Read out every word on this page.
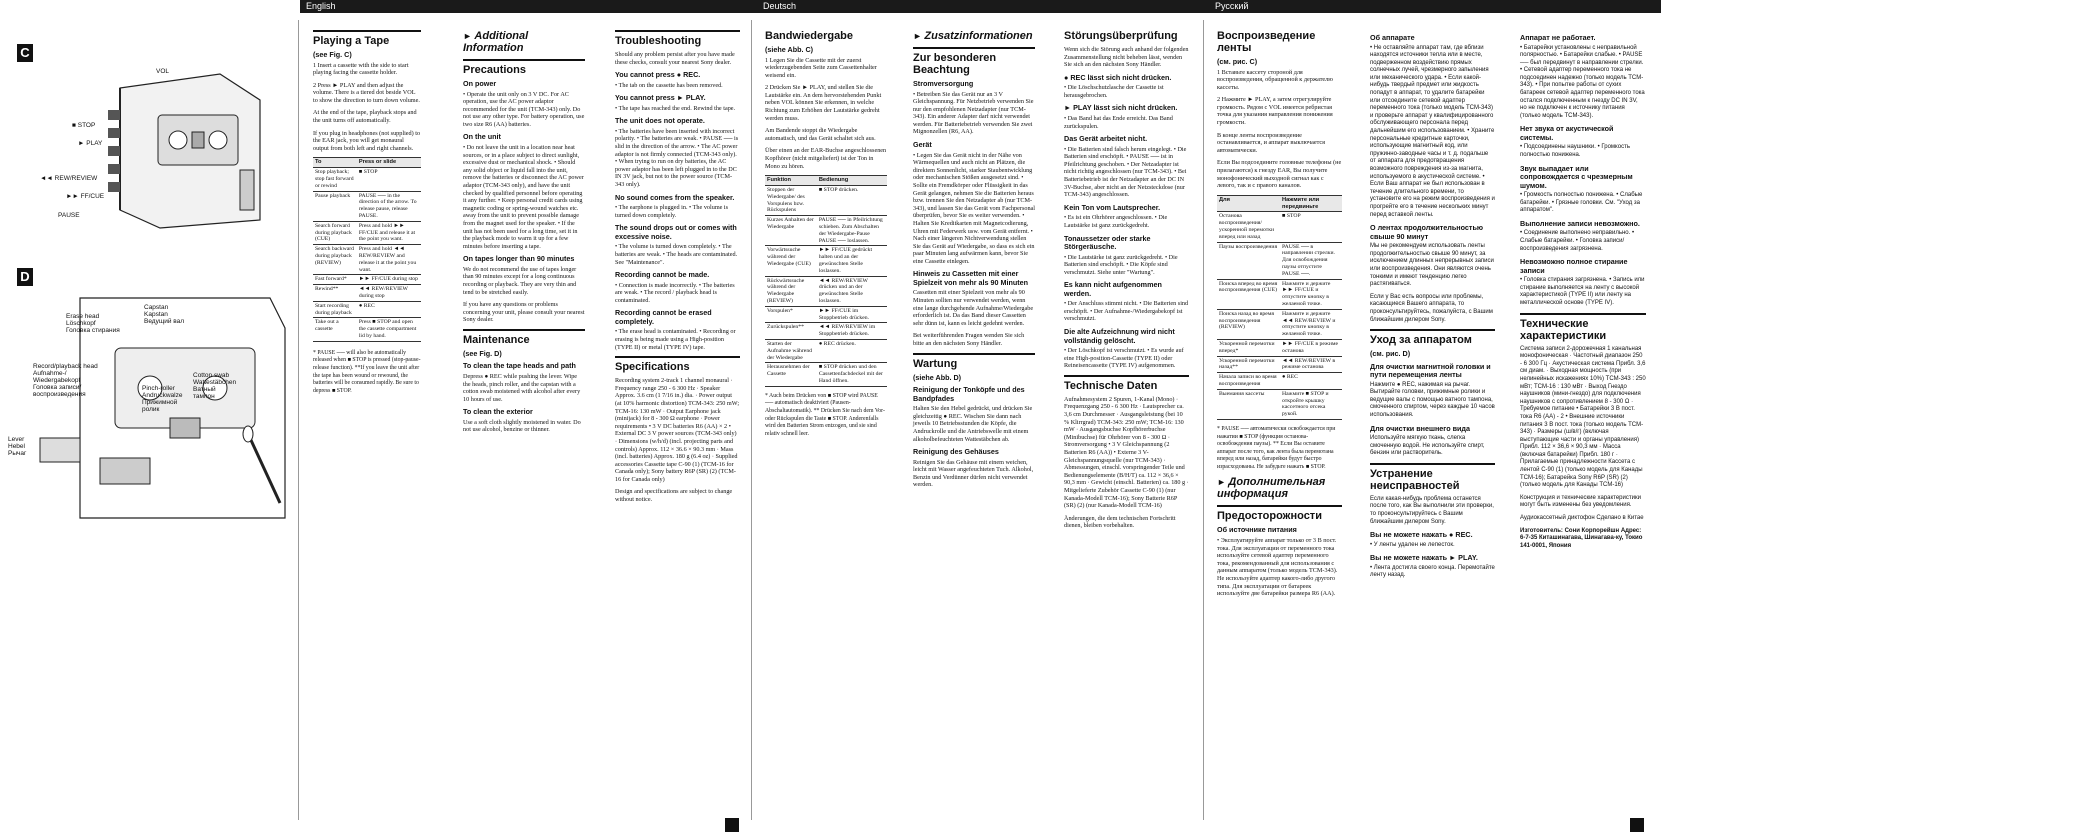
English	Deutsch	Русский
C
VOL
■ STOP
► PLAY
◄◄ REW/REVIEW
►► FF/CUE
PAUSE
D
Erase head
Löschkopf
Головка стирания
Capstan
Kapstan
Ведущий вал
Record/playback head
Aufnahme-/
Wiedergabekopf
Головка записи/
воспроизведения
Pinch-roller
Andruckwalze
Прижимной
ролик
Cotton swab
Wattestäbchen
Ватный
тампон
Lever
Hebel
Рычаг
Playing a Tape
(see Fig. C)

1 Insert a cassette with the side to start playing facing the cassette holder.

2 Press ► PLAY and then adjust the volume. There is a tiered dot beside VOL to show the direction to turn down volume.

At the end of the tape, playback stops and the unit turns off automatically.

If you plug in headphones (not supplied) to the EAR jack, you will get monaural output from both left and right channels.

To	Press or slide
Stop playback; stop fast forward or rewind	■ STOP
Pause playback	PAUSE ── in the direction of the arrow. To release pause, release PAUSE.
Search forward during playback (CUE)	Press and hold ►► FF/CUE and release it at the point you want.
Search backward during playback (REVIEW)	Press and hold ◄◄ REW/REVIEW and release it at the point you want.
Fast forward*	►► FF/CUE during stop
Rewind**	◄◄ REW/REVIEW during stop
Start recording during playback	● REC
Take out a cassette	Press ■ STOP and open the cassette compartment lid by hand.

* PAUSE ── will also be automatically released when ■ STOP is pressed (stop-pause-release function). **If you leave the unit after the tape has been wound or rewound, the batteries will be consumed rapidly. Be sure to depress ■ STOP.

► Additional Information
Precautions
On power

• Operate the unit only on 3 V DC. For AC operation, use the AC power adaptor recommended for the unit (TCM-343) only. Do not use any other type. For battery operation, use two size R6 (AA) batteries.

On the unit

• Do not leave the unit in a location near heat sources, or in a place subject to direct sunlight, excessive dust or mechanical shock. • Should any solid object or liquid fall into the unit, remove the batteries or disconnect the AC power adaptor (TCM-343 only), and have the unit checked by qualified personnel before operating it any further. • Keep personal credit cards using magnetic coding or spring-wound watches etc. away from the unit to prevent possible damage from the magnet used for the speaker. • If the unit has not been used for a long time, set it in the playback mode to warm it up for a few minutes before inserting a tape.

On tapes longer than 90 minutes

We do not recommend the use of tapes longer than 90 minutes except for a long continuous recording or playback. They are very thin and tend to be stretched easily.

If you have any questions or problems concerning your unit, please consult your nearest Sony dealer.

Maintenance
(see Fig. D)
To clean the tape heads and path

Depress ● REC while pushing the lever. Wipe the heads, pinch roller, and the capstan with a cotton swab moistened with alcohol after every 10 hours of use.

To clean the exterior

Use a soft cloth slightly moistened in water. Do not use alcohol, benzine or thinner.

Troubleshooting

Should any problem persist after you have made these checks, consult your nearest Sony dealer.

You cannot press ● REC.

• The tab on the cassette has been removed.

You cannot press ► PLAY.

• The tape has reached the end. Rewind the tape.

The unit does not operate.

• The batteries have been inserted with incorrect polarity. • The batteries are weak. • PAUSE ── is slid in the direction of the arrow. • The AC power adaptor is not firmly connected (TCM-343 only). • When trying to run on dry batteries, the AC power adaptor has been left plugged in to the DC IN 3V jack, but not to the power source (TCM-343 only).

No sound comes from the speaker.

• The earphone is plugged in. • The volume is turned down completely.

The sound drops out or comes with excessive noise.

• The volume is turned down completely. • The batteries are weak. • The heads are contaminated. See "Maintenance".

Recording cannot be made.

• Connection is made incorrectly. • The batteries are weak. • The record / playback head is contaminated.

Recording cannot be erased completely.

• The erase head is contaminated. • Recording or erasing is being made using a High-position (TYPE II) or metal (TYPE IV) tape.

Specifications

Recording system 2-track 1 channel monaural · Frequency range 250 - 6 300 Hz · Speaker Approx. 3.6 cm (1 7/16 in.) dia. · Power output (at 10% harmonic distortion) TCM-343: 250 mW; TCM-16: 130 mW · Output Earphone jack (minijack) for 8 - 300 Ω earphone · Power requirements • 3 V DC batteries R6 (AA) × 2 • External DC 3 V power sources (TCM-343 only) · Dimensions (w/h/d) (incl. projecting parts and controls) Approx. 112 × 36.6 × 90.3 mm · Mass (incl. batteries) Approx. 180 g (6.4 oz) · Supplied accessories Cassette tape C-90 (1) (TCM-16 for Canada only); Sony battery R6P (SR) (2) (TCM-16 for Canada only)

Design and specifications are subject to change without notice.

Bandwiedergabe
(siehe Abb. C)

1 Legen Sie die Cassette mit der zuerst wiederzugebenden Seite zum Cassettenhalter weisend ein.

2 Drücken Sie ► PLAY, und stellen Sie die Lautstärke ein. An dem hervorstehenden Punkt neben VOL können Sie erkennen, in welche Richtung zum Erhöhen der Lautstärke gedreht werden muss.

Am Bandende stoppt die Wiedergabe automatisch, und das Gerät schaltet sich aus.

Über einen an der EAR-Buchse angeschlossenen Kopfhörer (nicht mitgeliefert) ist der Ton in Mono zu hören.

Funktion	Bedienung
Stoppen der Wiedergabe/ des Vorspulens bzw. Rückspulens	■ STOP drücken.
Kurzes Anhalten der Wiedergabe	PAUSE ── in Pfeilrichtung schieben. Zum Abschalten der Wiedergabe-Pause PAUSE ── loslassen.
Vorwärtssuche während der Wiedergabe (CUE)	►► FF/CUE gedrückt halten und an der gewünschten Stelle loslassen.
Rückwärtssuche während der Wiedergabe (REVIEW)	◄◄ REW/REVIEW drücken und an der gewünschten Stelle loslassen.
Vorspulen*	►► FF/CUE im Stoppbetrieb drücken.
Zurückspulen**	◄◄ REW/REVIEW im Stoppbetrieb drücken.
Starten der Aufnahme während der Wiedergabe	● REC drücken.
Herausnehmen der Cassette	■ STOP drücken und den Cassettenfachdeckel mit der Hand öffnen.

* Auch beim Drücken von ■ STOP wird PAUSE ── automatisch deaktiviert (Pausen-Abschaltautomatik). ** Drücken Sie nach dem Vor- oder Rückspulen die Taste ■ STOP. Anderenfalls wird den Batterien Strom entzogen, und sie sind relativ schnell leer.

► Zusatzinformationen
Zur besonderen Beachtung
Stromversorgung

• Betreiben Sie das Gerät nur an 3 V Gleichspannung. Für Netzbetrieb verwenden Sie nur den empfohlenen Netzadapter (nur TCM-343). Ein anderer Adapter darf nicht verwendet werden. Für Batteriebetrieb verwenden Sie zwei Mignonzellen (R6, AA).

Gerät

• Legen Sie das Gerät nicht in der Nähe von Wärmequellen und auch nicht an Plätzen, die direktem Sonnenlicht, starker Staubentwicklung oder mechanischen Stößen ausgesetzt sind. • Sollte ein Fremdkörper oder Flüssigkeit in das Gerät gelangen, nehmen Sie die Batterien heraus bzw. trennen Sie den Netzadapter ab (nur TCM-343), und lassen Sie das Gerät vom Fachpersonal überprüfen, bevor Sie es weiter verwenden. • Halten Sie Kreditkarten mit Magnetcodierung, Uhren mit Federwerk usw. vom Gerät entfernt. • Nach einer längeren Nichtverwendung stellen Sie das Gerät auf Wiedergabe, so dass es sich ein paar Minuten lang aufwärmen kann, bevor Sie eine Cassette einlegen.

Hinweis zu Cassetten mit einer Spielzeit von mehr als 90 Minuten

Cassetten mit einer Spielzeit von mehr als 90 Minuten sollten nur verwendet werden, wenn eine lange durchgehende Aufnahme/Wiedergabe erforderlich ist. Da das Band dieser Cassetten sehr dünn ist, kann es leicht gedehnt werden.

Bei weiterführenden Fragen wenden Sie sich bitte an den nächsten Sony Händler.

Wartung
(siehe Abb. D)
Reinigung der Tonköpfe und des Bandpfades

Halten Sie den Hebel gedrückt, und drücken Sie gleichzeitig ● REC. Wischen Sie dann nach jeweils 10 Betriebsstunden die Köpfe, die Andruckrolle und die Antriebswelle mit einem alkoholbefeuchteten Wattestäbchen ab.

Reinigung des Gehäuses

Reinigen Sie das Gehäuse mit einem weichen, leicht mit Wasser angefeuchteten Tuch. Alkohol, Benzin und Verdünner dürfen nicht verwendet werden.

Störungsüberprüfung

Wenn sich die Störung auch anhand der folgenden Zusammenstellung nicht beheben lässt, wenden Sie sich an den nächsten Sony Händler.

● REC lässt sich nicht drücken.

• Die Löschschutzlasche der Cassette ist herausgebrochen.

► PLAY lässt sich nicht drücken.

• Das Band hat das Ende erreicht. Das Band zurückspulen.

Das Gerät arbeitet nicht.

• Die Batterien sind falsch herum eingelegt. • Die Batterien sind erschöpft. • PAUSE ── ist in Pfeilrichtung geschoben. • Der Netzadapter ist nicht richtig angeschlossen (nur TCM-343). • Bei Batteriebetrieb ist der Netzadapter an der DC IN 3V-Buchse, aber nicht an der Netzsteckdose (nur TCM-343) angeschlossen.

Kein Ton vom Lautsprecher.

• Es ist ein Ohrhörer angeschlossen. • Die Lautstärke ist ganz zurückgedreht.

Tonaussetzer oder starke Störgeräusche.

• Die Lautstärke ist ganz zurückgedreht. • Die Batterien sind erschöpft. • Die Köpfe sind verschmutzt. Siehe unter "Wartung".

Es kann nicht aufgenommen werden.

• Der Anschluss stimmt nicht. • Die Batterien sind erschöpft. • Der Aufnahme-/Wiedergabekopf ist verschmutzt.

Die alte Aufzeichnung wird nicht vollständig gelöscht.

• Der Löschkopf ist verschmutzt. • Es wurde auf eine High-position-Cassette (TYPE II) oder Reineisencassette (TYPE IV) aufgenommen.

Technische Daten

Aufnahmesystem 2 Spuren, 1-Kanal (Mono) · Frequenzgang 250 - 6 300 Hz · Lautsprecher ca. 3,6 cm Durchmesser · Ausgangsleistung (bei 10 % Klirrgrad) TCM-343: 250 mW; TCM-16: 130 mW · Ausgangsbuchse Kopfhörerbuchse (Minibuchse) für Ohrhörer von 8 - 300 Ω · Stromversorgung • 3 V Gleichspannung (2 Batterien R6 (AA)) • Externe 3 V-Gleichspannungsquelle (nur TCM-343) · Abmessungen, einschl. vorspringender Teile und Bedienungselemente (B/H/T) ca. 112 × 36,6 × 90,3 mm · Gewicht (einschl. Batterien) ca. 180 g · Mitgelieferte Zubehör Cassette C-90 (1) (nur Kanada-Modell TCM-16); Sony Batterie R6P (SR) (2) (nur Kanada-Modell TCM-16)

Änderungen, die dem technischen Fortschritt dienen, bleiben vorbehalten.

Воспроизведение ленты
(см. рис. C)

1 Вставьте кассету стороной для воспроизведения, обращенной к держателю кассеты.

2 Нажмите ► PLAY, а затем отрегулируйте громкость. Рядом с VOL имеется ребристая точка для указания направления понижения громкости.

В конце ленты воспроизведение останавливается, и аппарат выключается автоматически.

Если Вы подсоедините головные телефоны (не прилагаются) к гнезду EAR, Вы получите монофонический выходной сигнал как с левого, так и с правого каналов.

Для	Нажмите или передвиньте
Останова воспроизведения/ ускоренной перемотки вперед или назад	■ STOP
Паузы воспроизведения	PAUSE ── в направлении стрелки. Для освобождения паузы отпустите PAUSE ──.
Поиска вперед во время воспроизведения (CUE)	Нажмите и держите ►► FF/CUE и отпустите кнопку в желаемой точке.
Поиска назад во время воспроизведения (REVIEW)	Нажмите и держите ◄◄ REW/REVIEW и отпустите кнопку в желаемой точке.
Ускоренной перемотки вперед*	►► FF/CUE в режиме останова
Ускоренной перемотки назад**	◄◄ REW/REVIEW в режиме останова
Начала записи во время воспроизведения	● REC
Выемания кассеты	Нажмите ■ STOP и откройте крышку кассетного отсека рукой.

* PAUSE ── автоматически освобождается при нажатии ■ STOP (функция останова-освобождения паузы). ** Если Вы оставите аппарат после того, как лента была перемотана вперед или назад, батарейки будут быстро израсходованы. Не забудьте нажать ■ STOP.

► Дополнительная информация
Предосторожности
Об источнике питания

• Эксплуатируйте аппарат только от 3 В пост. тока. Для эксплуатации от переменного тока используйте сетевой адаптер переменного тока, рекомендованный для использования с данным аппаратом (только модель TCM-343). Не используйте адаптер какого-либо другого типа. Для эксплуатации от батареек используйте две батарейки размера R6 (AA).

Об аппарате

• Не оставляйте аппарат там, где вблизи находятся источники тепла или в месте, подверженном воздействию прямых солнечных лучей, чрезмерного запыления или механического удара. • Если какой-нибудь твердый предмет или жидкость попадут в аппарат, то удалите батарейки или отсоедините сетевой адаптер переменного тока (только модель TCM-343) и проверьте аппарат у квалифицированного обслуживающего персонала перед дальнейшим его использованием. • Храните персональные кредитные карточки, использующие магнитный код, или пружинно-заводные часы и т. д. подальше от аппарата для предотвращения возможного повреждения из-за магнита, используемого в акустической системе. • Если Ваш аппарат не был использован в течение длительного времени, то установите его на режим воспроизведения и прогрейте его в течение нескольких минут перед вставкой ленты.

О лентах продолжительностью свыше 90 минут

Мы не рекомендуем использовать ленты продолжительностью свыше 90 минут, за исключением длинных непрерывных записи или воспроизведения. Они являются очень тонкими и имеют тенденцию легко растягиваться.

Если у Вас есть вопросы или проблемы, касающиеся Вашего аппарата, то проконсультируйтесь, пожалуйста, с Вашим ближайшим дилером Sony.

Уход за аппаратом
(см. рис. D)
Для очистки магнитной головки и пути перемещения ленты

Нажмите ● REC, нажимая на рычаг. Вытирайте головки, прижимные ролики и ведущие валы с помощью ватного тампона, смоченного спиртом, через каждые 10 часов использования.

Для очистки внешнего вида

Используйте мягкую ткань, слегка смоченную водой. Не используйте спирт, бензин или растворитель.

Устранение неисправностей

Если какая-нибудь проблема останется после того, как Вы выполнили эти проверки, то проконсультируйтесь с Вашим ближайшим дилером Sony.

Вы не можете нажать ● REC.

• У ленты удален не лепесток.

Вы не можете нажать ► PLAY.

• Лента достигла своего конца. Перемотайте ленту назад.

Аппарат не работает.

• Батарейки установлены с неправильной полярностью. • Батарейки слабые. • PAUSE ── был передвинут в направлении стрелки. • Сетевой адаптер переменного тока не подсоединен надежно (только модель TCM-343). • При попытке работы от сухих батареек сетевой адаптер переменного тока остался подключенным к гнезду DC IN 3V, но не подключен к источнику питания (только модель TCM-343).

Нет звука от акустической системы.

• Подсоединены наушники. • Громкость полностью понижена.

Звук выпадает или сопровождается с чрезмерным шумом.

• Громкость полностью понижена. • Слабые батарейки. • Грязные головки. См. "Уход за аппаратом".

Выполнение записи невозможно.

• Соединение выполнено неправильно. • Слабые батарейки. • Головка записи/воспроизведения загрязнена.

Невозможно полное стирание записи

• Головка стирания загрязнена. • Запись или стирание выполняется на ленту с высокой характеристикой (TYPE II) или ленту на металлической основе (TYPE IV).

Технические характеристики

Система записи 2-дорожечная 1 канальная монофоническая · Частотный диапазон 250 - 6 300 Гц · Акустическая система Прибл. 3,6 см диам. · Выходная мощность (при нелинейных искажениях 10%) TCM-343 : 250 мВт; TCM-16 : 130 мВт · Выход Гнездо наушников (мини-гнездо) для подключения наушников с сопротивлением 8 - 300 Ω · Требуемое питание • Батарейки 3 В пост. тока R6 (AA) - 2 • Внешние источники питания 3 В пост. тока (только модель TCM-343) · Размеры (ш/в/г) (включая выступающие части и органы управления) Прибл. 112 × 36,6 × 90,3 мм · Масса (включая батарейки) Прибл. 180 г · Прилагаемые принадлежности Кассета с лентой C-90 (1) (только модель для Канады TCM-16); Батарейка Sony R6P (SR) (2) (только модель для Канады TCM-16)

Конструкция и технические характеристики могут быть изменены без уведомления.

Аудиокассетный диктофон Сделано в Китае

Изготовитель: Сони Корпорейшн Адрес: 6-7-35 Киташинагава, Шинагава-ку, Токио 141-0001, Япония
